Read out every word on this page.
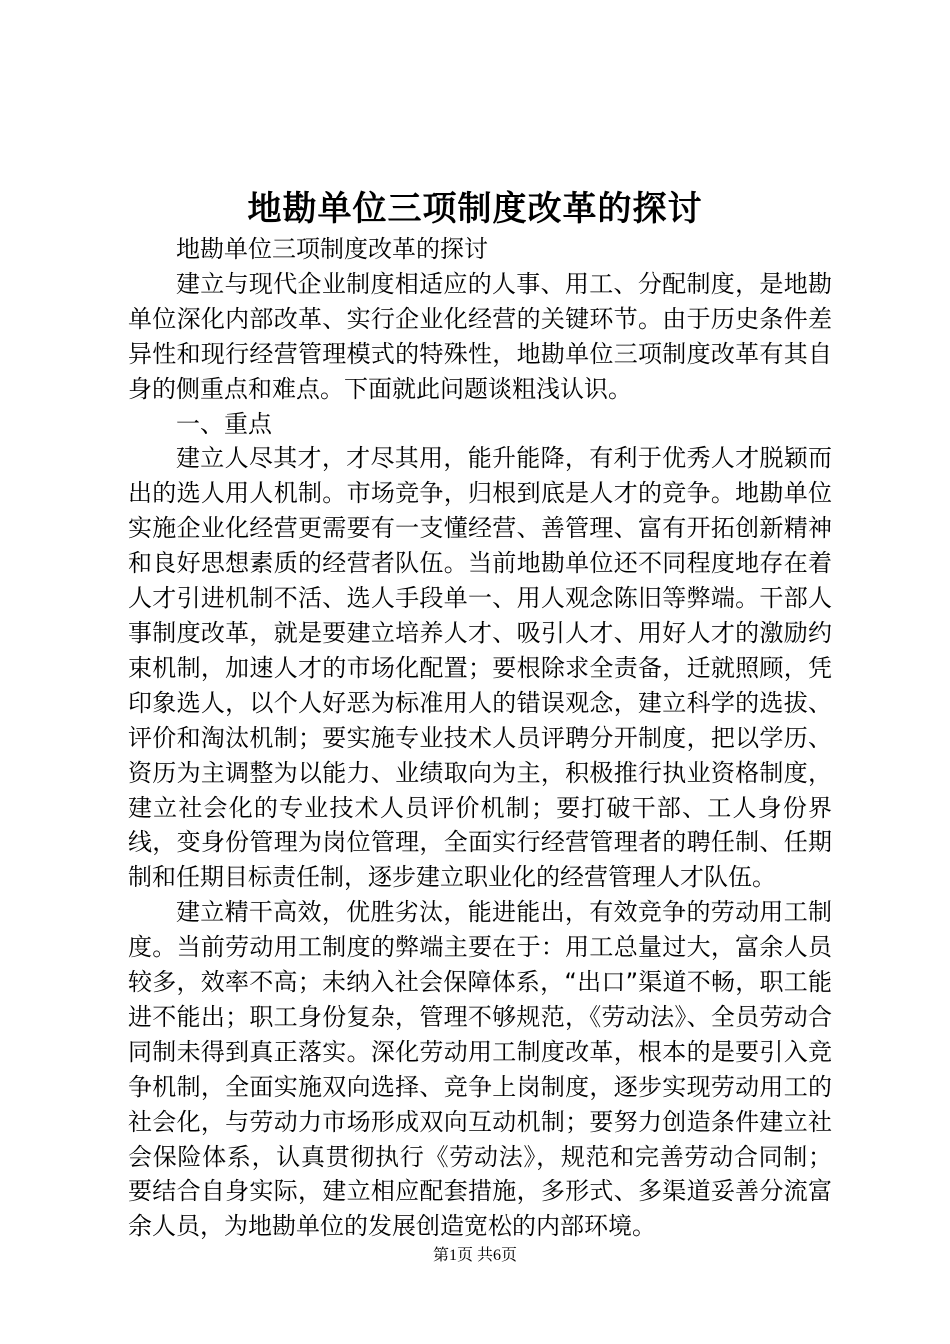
地勘单位三项制度改革的探讨

地勘单位三项制度改革的探讨

建立与现代企业制度相适应的人事、用工、分配制度，是地勘单位深化内部改革、实行企业化经营的关键环节。由于历史条件差异性和现行经营管理模式的特殊性，地勘单位三项制度改革有其自身的侧重点和难点。下面就此问题谈粗浅认识。

一、重点

建立人尽其才，才尽其用，能升能降，有利于优秀人才脱颖而出的选人用人机制。市场竞争，归根到底是人才的竞争。地勘单位实施企业化经营更需要有一支懂经营、善管理、富有开拓创新精神和良好思想素质的经营者队伍。当前地勘单位还不同程度地存在着人才引进机制不活、选人手段单一、用人观念陈旧等弊端。干部人事制度改革，就是要建立培养人才、吸引人才、用好人才的激励约束机制，加速人才的市场化配置；要根除求全责备，迁就照顾，凭印象选人，以个人好恶为标准用人的错误观念，建立科学的选拔、评价和淘汰机制；要实施专业技术人员评聘分开制度，把以学历、资历为主调整为以能力、业绩取向为主，积极推行执业资格制度，建立社会化的专业技术人员评价机制；要打破干部、工人身份界线，变身份管理为岗位管理，全面实行经营管理者的聘任制、任期制和任期目标责任制，逐步建立职业化的经营管理人才队伍。

建立精干高效，优胜劣汰，能进能出，有效竞争的劳动用工制度。当前劳动用工制度的弊端主要在于：用工总量过大，富余人员较多，效率不高；未纳入社会保障体系，“出口”渠道不畅，职工能进不能出；职工身份复杂，管理不够规范，《劳动法》、全员劳动合同制未得到真正落实。深化劳动用工制度改革，根本的是要引入竞争机制，全面实施双向选择、竞争上岗制度，逐步实现劳动用工的社会化，与劳动力市场形成双向互动机制；要努力创造条件建立社会保险体系，认真贯彻执行《劳动法》，规范和完善劳动合同制；要结合自身实际，建立相应配套措施，多形式、多渠道妥善分流富余人员，为地勘单位的发展创造宽松的内部环境。

第1页 共6页
